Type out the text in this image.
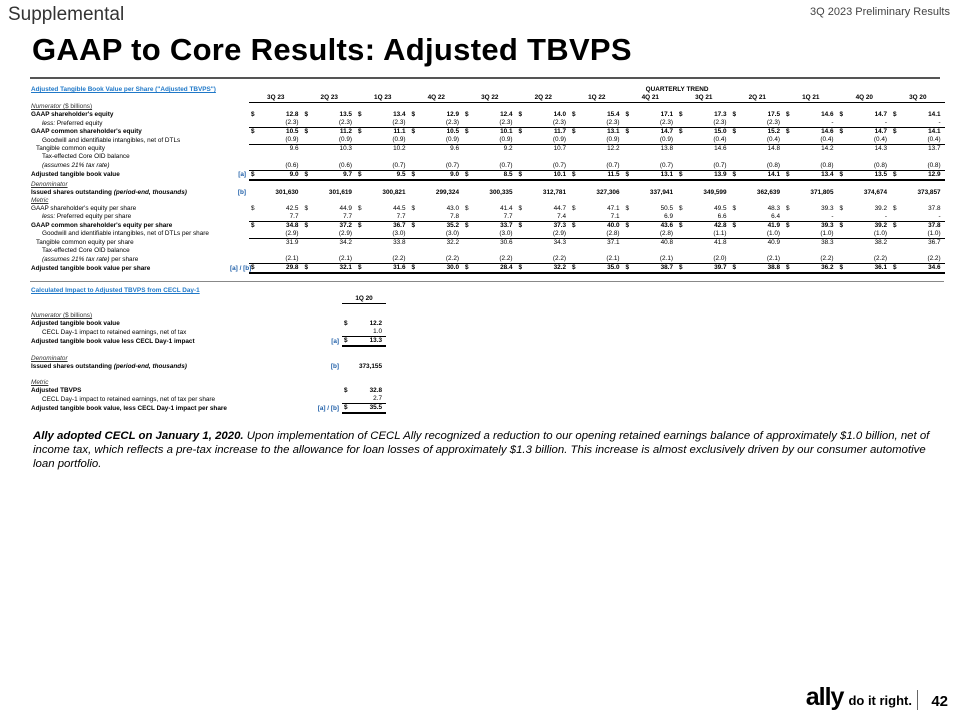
Supplemental	3Q 2023 Preliminary Results
GAAP to Core Results: Adjusted TBVPS
Adjusted Tangible Book Value per Share ("Adjusted TBVPS")								QUARTERLY TREND																			
		3Q 23		2Q 23		1Q 23		4Q 22		3Q 22		2Q 22		1Q 22		4Q 21		3Q 21		2Q 21		1Q 21		4Q 20		3Q 20	
Numerator ($ billions)																											
GAAP shareholder's equity		$	12.8	$	13.5	$	13.4	$	12.9	$	12.4	$	14.0	$	15.4	$	17.1	$	17.3	$	17.5	$	14.6	$	14.7	$	14.1
less: Preferred equity			(2.3)		(2.3)		(2.3)		(2.3)		(2.3)		(2.3)		(2.3)		(2.3)		(2.3)		(2.3)		-		-		-
GAAP common shareholder's equity		$	10.5	$	11.2	$	11.1	$	10.5	$	10.1	$	11.7	$	13.1	$	14.7	$	15.0	$	15.2	$	14.6	$	14.7	$	14.1
Goodwill and identifiable intangibles, net of DTLs			(0.9)		(0.9)		(0.9)		(0.9)		(0.9)		(0.9)		(0.9)		(0.9)		(0.4)		(0.4)		(0.4)		(0.4)		(0.4)
Tangible common equity			9.6		10.3		10.2		9.6		9.2		10.7		12.2		13.8		14.6		14.8		14.2		14.3		13.7
Tax-effected Core OID balance																											
(assumes 21% tax rate)			(0.6)		(0.6)		(0.7)		(0.7)		(0.7)		(0.7)		(0.7)		(0.7)		(0.7)		(0.8)		(0.8)		(0.8)		(0.8)
Adjusted tangible book value	[a]	$	9.0	$	9.7	$	9.5	$	9.0	$	8.5	$	10.1	$	11.5	$	13.1	$	13.9	$	14.1	$	13.4	$	13.5	$	12.9
Denominator																											
Issued shares outstanding (period-end, thousands)	[b]		301,630		301,619		300,821		299,324		300,335		312,781		327,306		337,941		349,599		362,639		371,805		374,674		373,857
Metric																											
GAAP shareholder's equity per share		$	42.5	$	44.9	$	44.5	$	43.0	$	41.4	$	44.7	$	47.1	$	50.5	$	49.5	$	48.3	$	39.3	$	39.2	$	37.8
less: Preferred equity per share			7.7		7.7		7.7		7.8		7.7		7.4		7.1		6.9		6.6		6.4		-		-		-
GAAP common shareholder's equity per share		$	34.8	$	37.2	$	36.7	$	35.2	$	33.7	$	37.3	$	40.0	$	43.6	$	42.8	$	41.9	$	39.3	$	39.2	$	37.8
Goodwill and identifiable intangibles, net of DTLs per share			(2.9)		(2.9)		(3.0)		(3.0)		(3.0)		(2.9)		(2.8)		(2.8)		(1.1)		(1.0)		(1.0)		(1.0)		(1.0)
Tangible common equity per share			31.9		34.2		33.8		32.2		30.6		34.3		37.1		40.8		41.8		40.9		38.3		38.2		36.7
Tax-effected Core OID balance																											
(assumes 21% tax rate) per share			(2.1)		(2.1)		(2.2)		(2.2)		(2.2)		(2.2)		(2.1)		(2.1)		(2.0)		(2.1)		(2.2)		(2.2)		(2.2)
Adjusted tangible book value per share	[a] / [b]	$	29.8	$	32.1	$	31.6	$	30.0	$	28.4	$	32.2	$	35.0	$	38.7	$	39.7	$	38.8	$	36.2	$	36.1	$	34.6
Calculated Impact to Adjusted TBVPS from CECL Day-1			
		1Q 20	

Numerator ($ billions)			
Adjusted tangible book value		$	12.2
CECL Day-1 impact to retained earnings, net of tax			1.0
Adjusted tangible book value less CECL Day-1 impact	[a]	$	13.3

Denominator			
Issued shares outstanding (period-end, thousands)	[b]		373,155

Metric			
Adjusted TBVPS		$	32.8
CECL Day-1 impact to retained earnings, net of tax per share			2.7
Adjusted tangible book value, less CECL Day-1 impact per share	[a] / [b]	$	35.5
Ally adopted CECL on January 1, 2020. Upon implementation of CECL Ally recognized a reduction to our opening retained earnings balance of approximately $1.0 billion, net of income tax, which reflects a pre-tax increase to the allowance for loan losses of approximately $1.3 billion. This increase is almost exclusively driven by our consumer automotive loan portfolio.
ally do it right. 42
